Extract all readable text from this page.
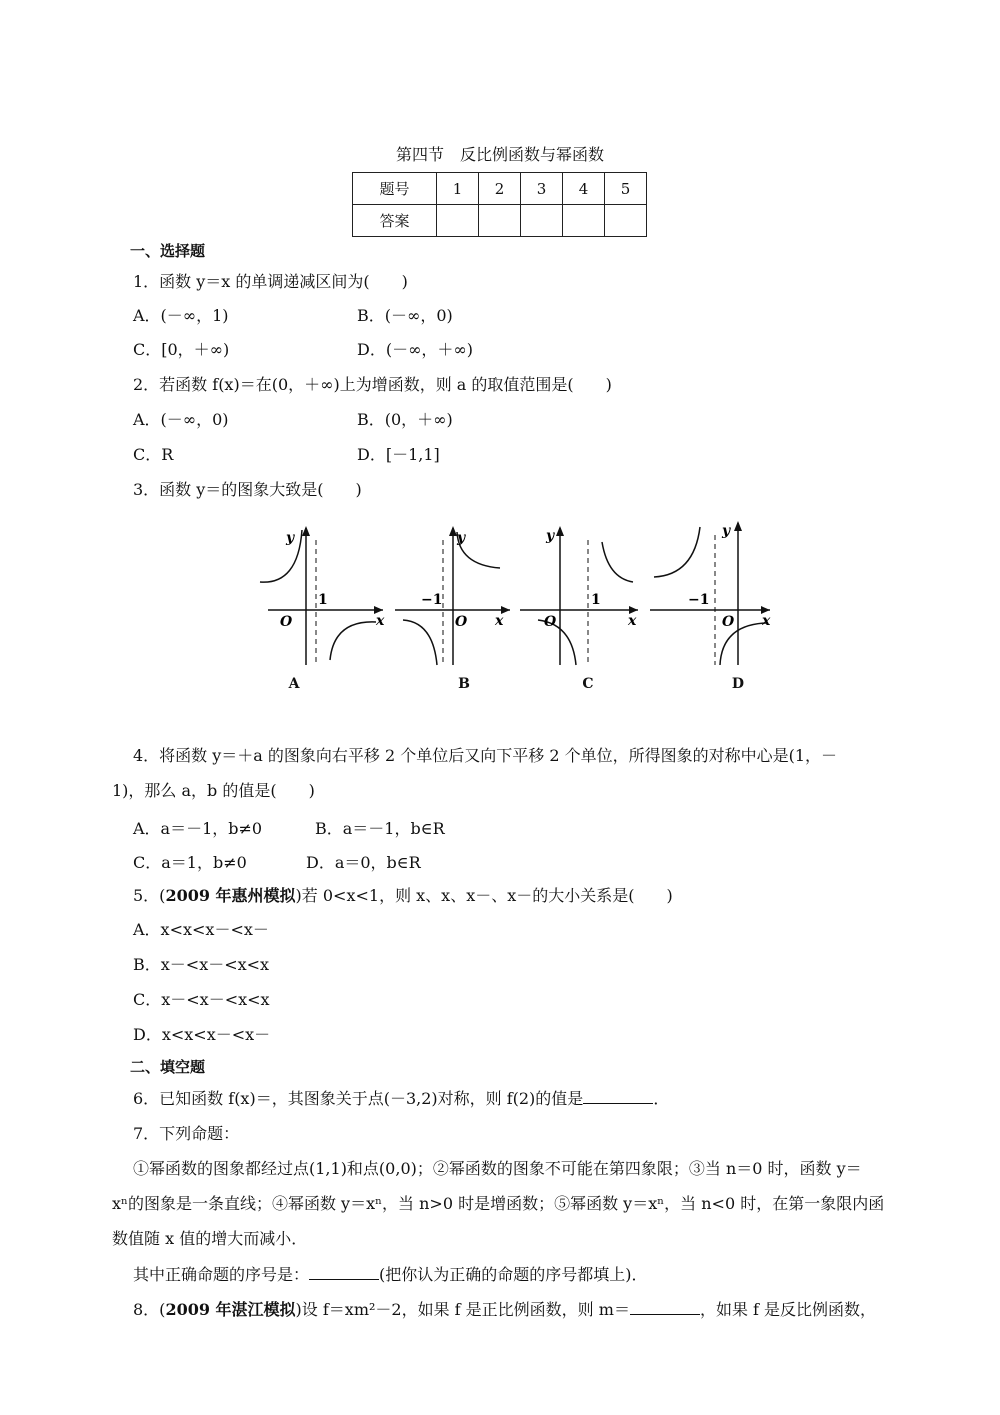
第四节　反比例函数与幂函数
题号	1	2	3	4	5
答案					
一、选择题
1．函数 y＝x 的单调递减区间为(　　)
A．(－∞，1)	B．(－∞，0)
C．[0，＋∞)	D．(－∞，＋∞)
2．若函数 f(x)＝在(0，＋∞)上为增函数，则 a 的取值范围是(　　)
A．(－∞，0)	B．(0，＋∞)
C．R	D．[－1,1]
3．函数 y＝的图象大致是(　　)
y
x
O
1
A
y
x
O
−1
B
y
x
O
1
C
y
x
O
−1
D
4．将函数 y＝＋a 的图象向右平移 2 个单位后又向下平移 2 个单位，所得图象的对称中心是(1，－
1)，那么 a，b 的值是(　　)
A．a＝－1，b≠0	B．a＝－1，b∈R
C．a＝1，b≠0	D．a＝0，b∈R
5．(2009 年惠州模拟)若 0<x<1，则 x、x、x－、x－的大小关系是(　　)
A．x<x<x－<x－
B．x－<x－<x<x
C．x－<x－<x<x
D．x<x<x－<x－
二、填空题
6．已知函数 f(x)＝，其图象关于点(－3,2)对称，则 f(2)的值是	．
7．下列命题：
①幂函数的图象都经过点(1,1)和点(0,0)；②幂函数的图象不可能在第四象限；③当 n＝0 时，函数 y＝
xⁿ的图象是一条直线；④幂函数 y＝xⁿ，当 n>0 时是增函数；⑤幂函数 y＝xⁿ，当 n<0 时，在第一象限内函
数值随 x 值的增大而减小．
其中正确命题的序号是：	(把你认为正确的命题的序号都填上)．
8．(2009 年湛江模拟)设 f＝xm²－2，如果 f 是正比例函数，则 m＝	，如果 f 是反比例函数，
